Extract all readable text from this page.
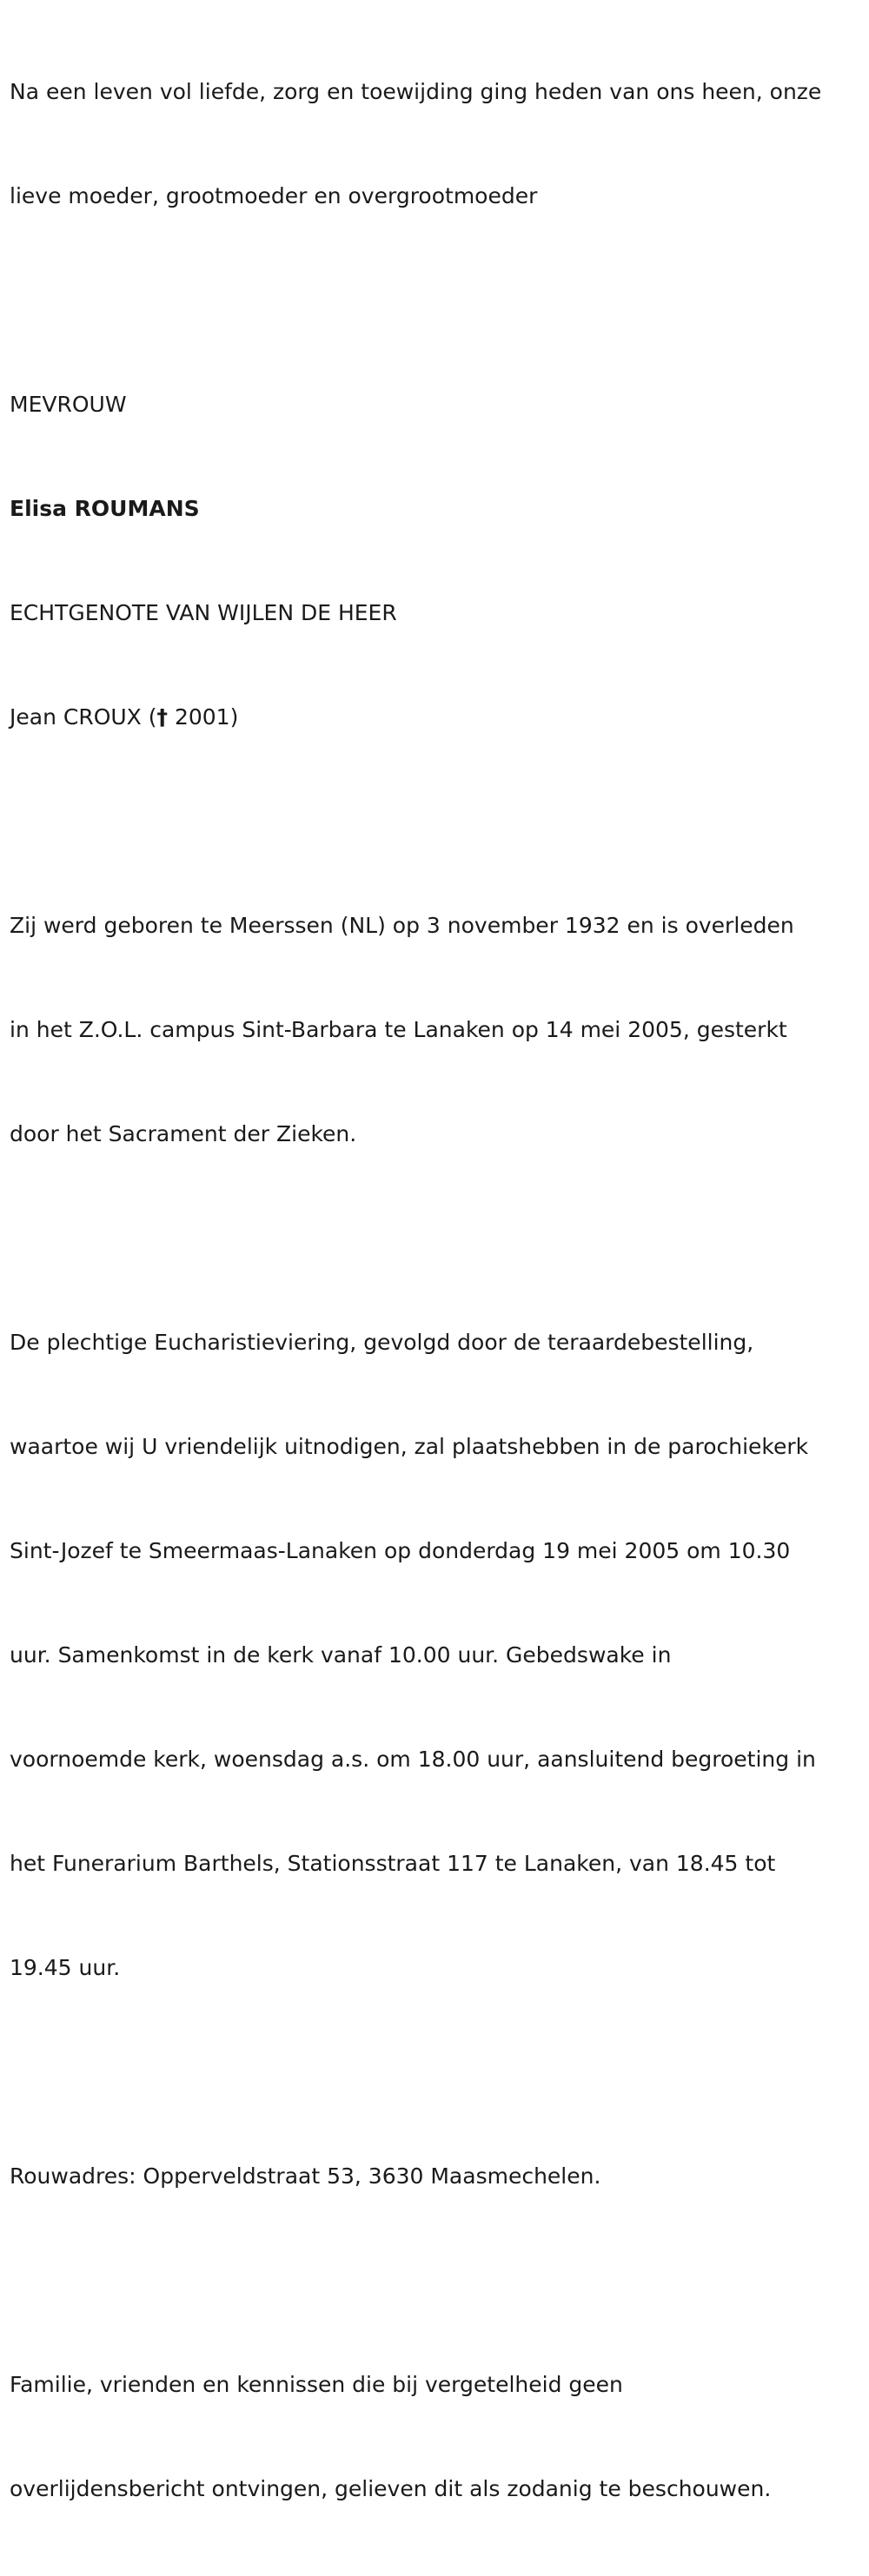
Na een leven vol liefde, zorg en toewijding ging heden van ons heen, onze

lieve moeder, grootmoeder en overgrootmoeder

MEVROUW

Elisa ROUMANS

ECHTGENOTE VAN WIJLEN DE HEER

Jean CROUX († 2001)

Zij werd geboren te Meerssen (NL) op 3 november 1932 en is overleden

in het Z.O.L. campus Sint-Barbara te Lanaken op 14 mei 2005, gesterkt

door het Sacrament der Zieken.

De plechtige Eucharistieviering, gevolgd door de teraardebestelling,

waartoe wij U vriendelijk uitnodigen, zal plaatshebben in de parochiekerk

Sint-Jozef te Smeermaas-Lanaken op donderdag 19 mei 2005 om 10.30

uur. Samenkomst in de kerk vanaf 10.00 uur. Gebedswake in

voornoemde kerk, woensdag a.s. om 18.00 uur, aansluitend begroeting in

het Funerarium Barthels, Stationsstraat 117 te Lanaken, van 18.45 tot

19.45 uur.

Rouwadres: Opperveldstraat 53, 3630 Maasmechelen.

Familie, vrienden en kennissen die bij vergetelheid geen

overlijdensbericht ontvingen, gelieven dit als zodanig te beschouwen.
